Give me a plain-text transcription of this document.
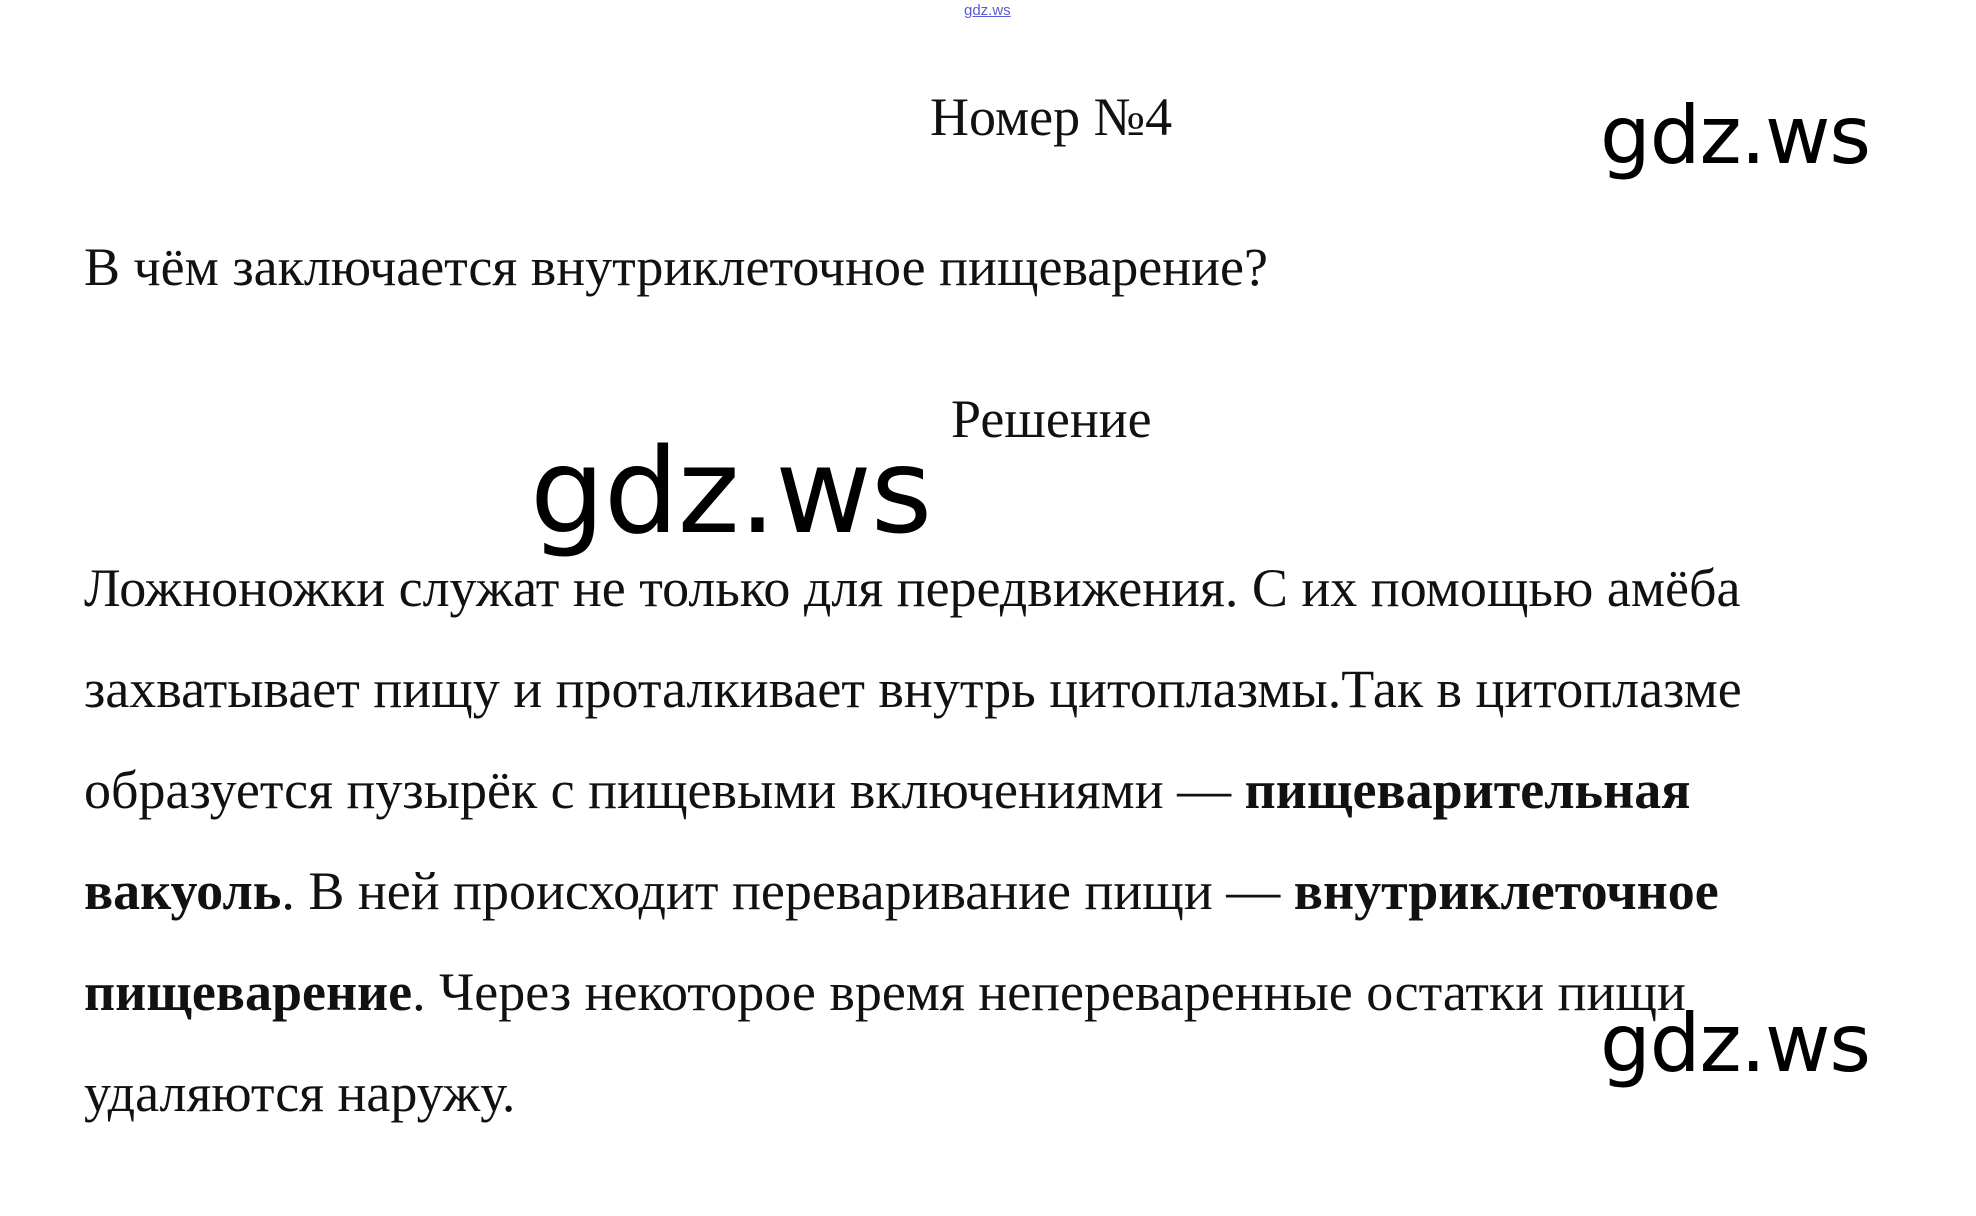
gdz.ws
gdz.ws
gdz.ws
gdz.ws
Номер №4
В чём заключается внутриклеточное пищеварение?
Решение

Ложноножки служат не только для передвижения. С их помощью амёба
захватывает пищу и проталкивает внутрь цитоплазмы.Так в цитоплазме
образуется пузырёк с пищевыми включениями — пищеварительная
вакуоль. В ней происходит переваривание пищи — внутриклеточное
пищеварение. Через некоторое время непереваренные остатки пищи
удаляются наружу.
